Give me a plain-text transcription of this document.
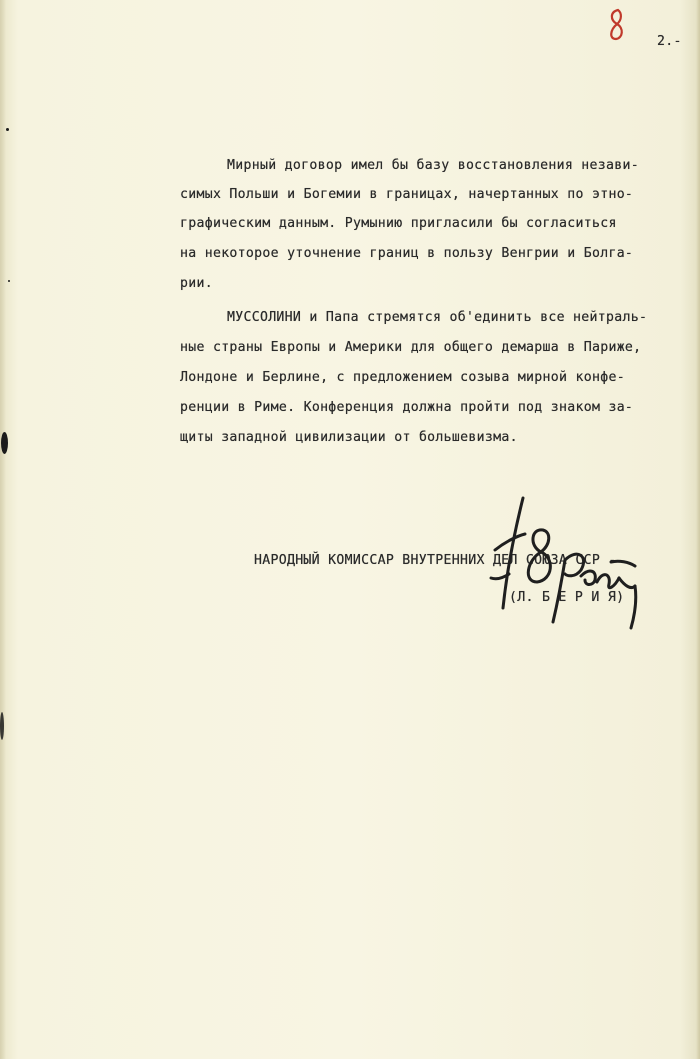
2.-
Мирный договор имел бы базу восстановления незави-
симых Польши и Богемии в границах, начертанных по этно-
графическим данным. Румынию пригласили бы согласиться
на некоторое уточнение границ в пользу Венгрии и Болга-
рии.
МУССОЛИНИ и Папа стремятся об'единить все нейтраль-
ные страны Европы и Америки для общего демарша в Париже,
Лондоне и Берлине, с предложением созыва мирной конфе-
ренции в Риме. Конференция должна пройти под знаком за-
щиты западной цивилизации от большевизма.
НАРОДНЫЙ КОМИССАР ВНУТРЕННИХ ДЕЛ СОЮЗА ССР -
(Л. Б Е Р И Я)
